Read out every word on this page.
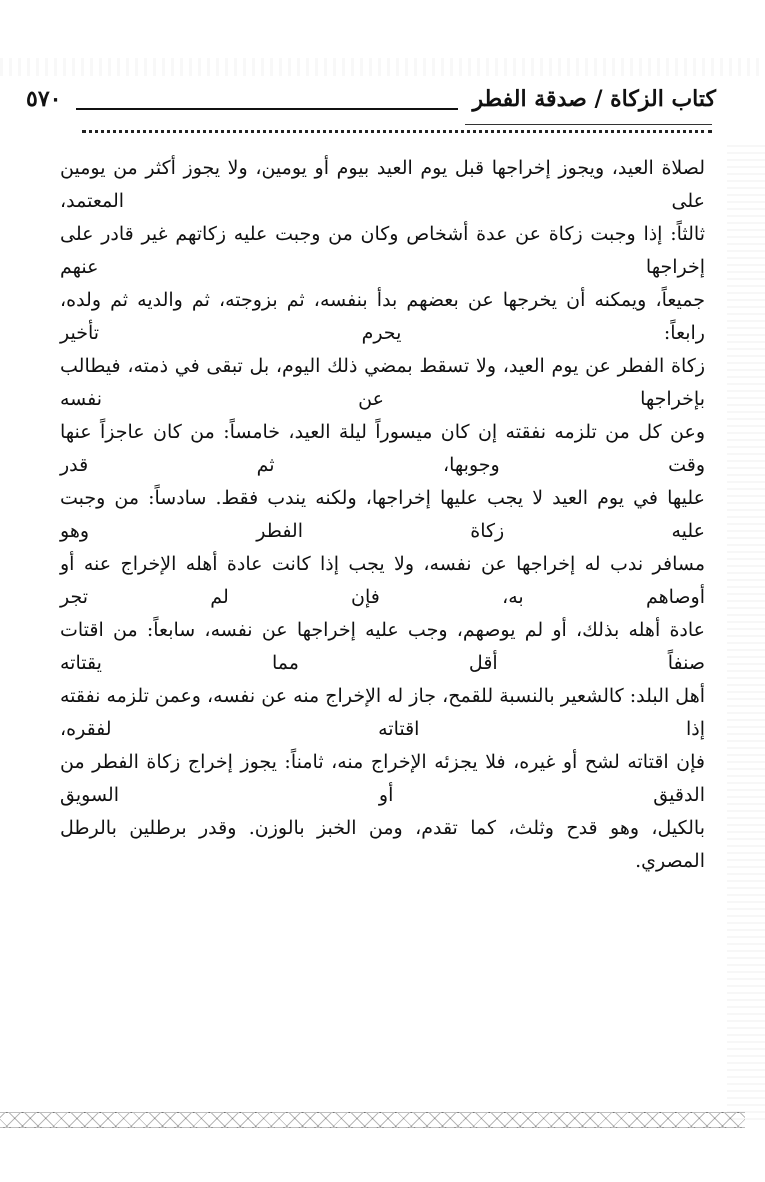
كتاب الزكاة / صدقة الفطر
٥٧٠
لصلاة العيد، ويجوز إخراجها قبل يوم العيد بيوم أو يومين، ولا يجوز أكثر من يومين على المعتمد،
ثالثاً: إذا وجبت زكاة عن عدة أشخاص وكان من وجبت عليه زكاتهم غير قادر على إخراجها عنهم
جميعاً، ويمكنه أن يخرجها عن بعضهم بدأ بنفسه، ثم بزوجته، ثم والديه ثم ولده، رابعاً: يحرم تأخير
زكاة الفطر عن يوم العيد، ولا تسقط بمضي ذلك اليوم، بل تبقى في ذمته، فيطالب بإخراجها عن نفسه
وعن كل من تلزمه نفقته إن كان ميسوراً ليلة العيد، خامساً: من كان عاجزاً عنها وقت وجوبها، ثم قدر
عليها في يوم العيد لا يجب عليها إخراجها، ولكنه يندب فقط. سادساً: من وجبت عليه زكاة الفطر وهو
مسافر ندب له إخراجها عن نفسه، ولا يجب إذا كانت عادة أهله الإخراج عنه أو أوصاهم به، فإن لم تجر
عادة أهله بذلك، أو لم يوصهم، وجب عليه إخراجها عن نفسه، سابعاً: من اقتات صنفاً أقل مما يقتاته
أهل البلد: كالشعير بالنسبة للقمح، جاز له الإخراج منه عن نفسه، وعمن تلزمه نفقته إذا اقتاته لفقره،
فإن اقتاته لشح أو غيره، فلا يجزئه الإخراج منه، ثامناً: يجوز إخراج زكاة الفطر من الدقيق أو السويق
بالكيل، وهو قدح وثلث، كما تقدم، ومن الخبز بالوزن. وقدر برطلين بالرطل المصري.
